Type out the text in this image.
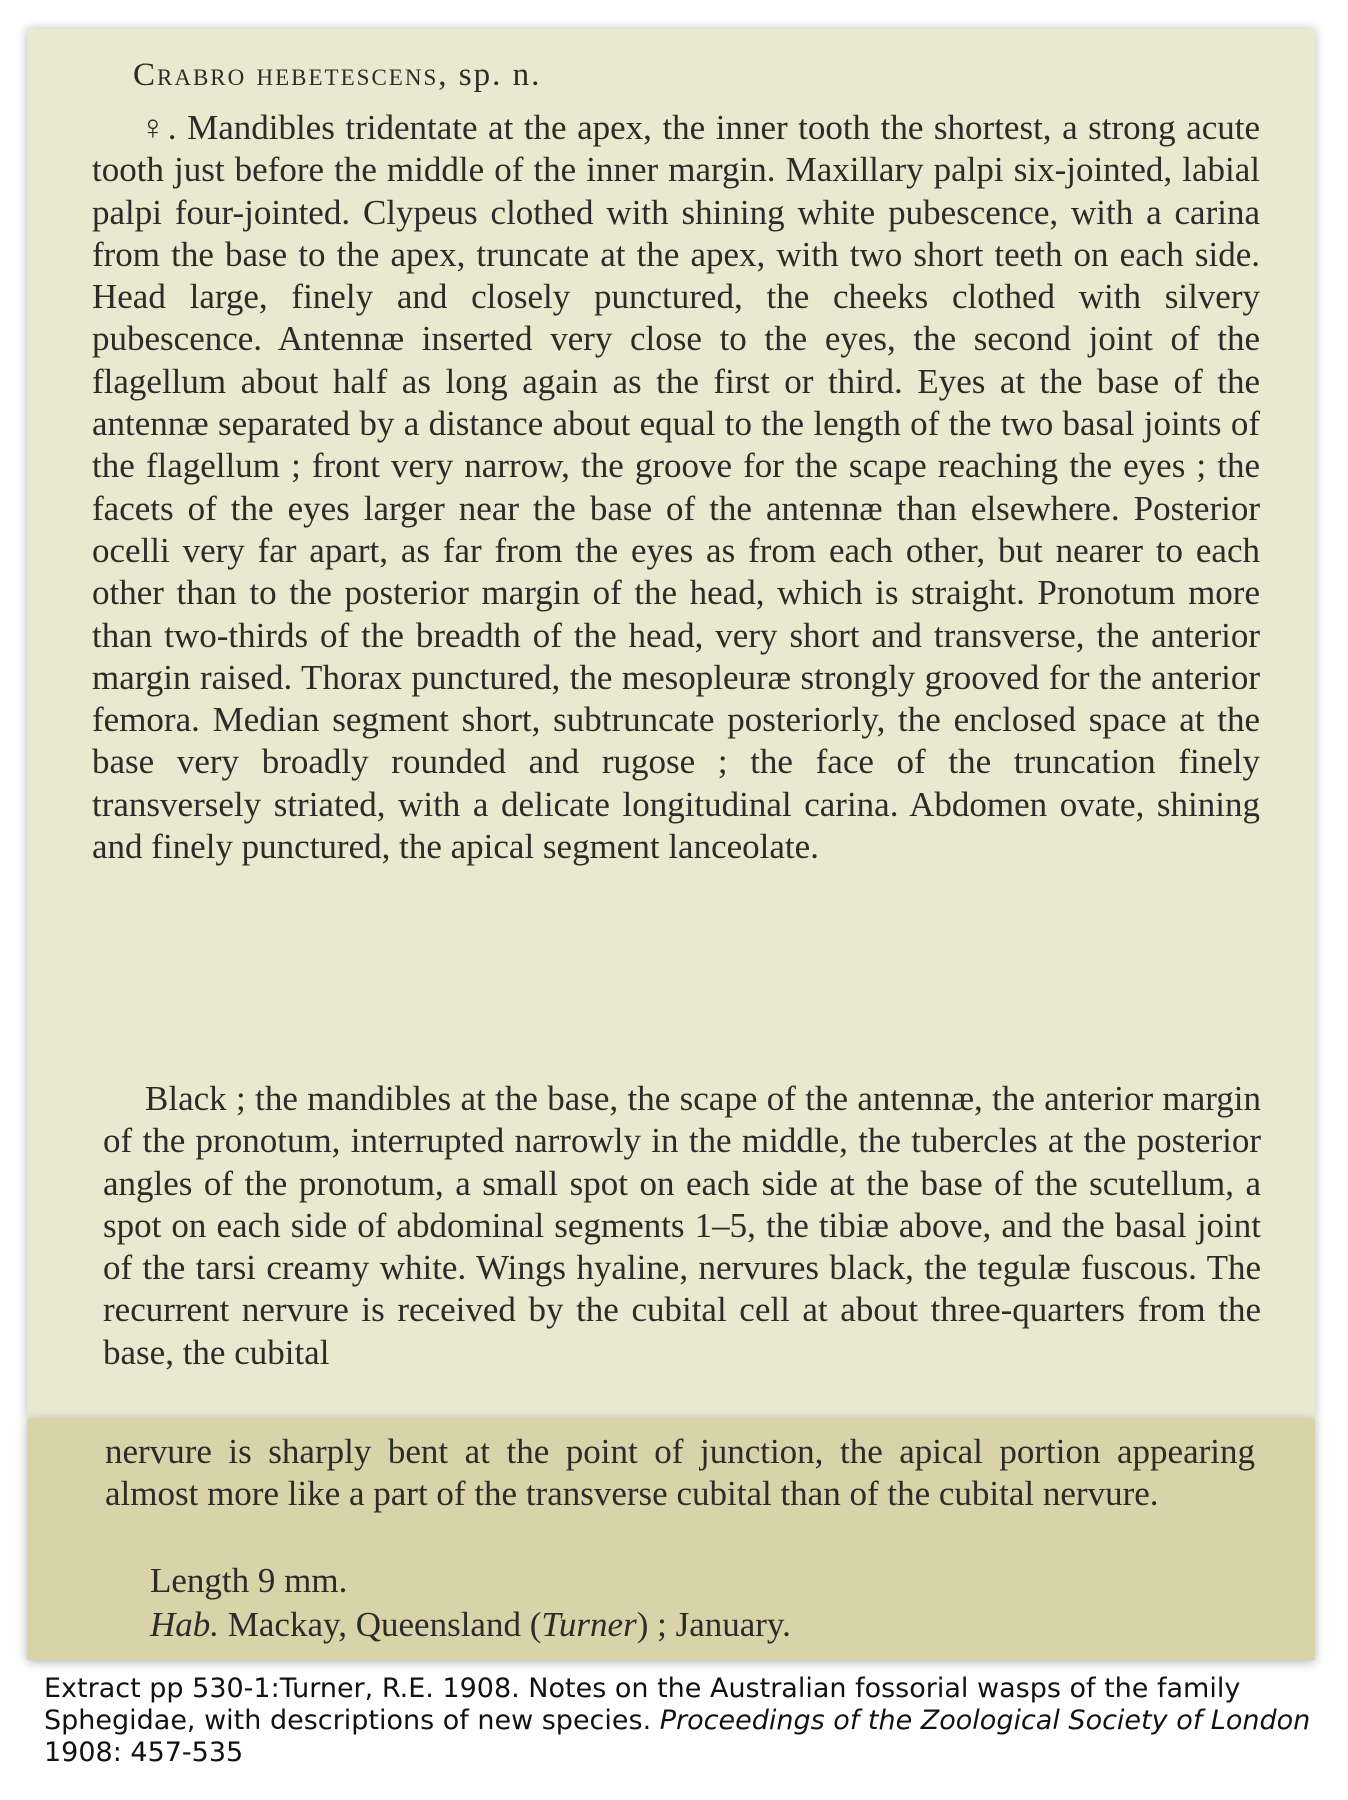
Crabro hebetescens, sp. n.

♀. Mandibles tridentate at the apex, the inner tooth the shortest, a strong acute tooth just before the middle of the inner margin. Maxillary palpi six-jointed, labial palpi four-jointed. Clypeus clothed with shining white pubescence, with a carina from the base to the apex, truncate at the apex, with two short teeth on each side. Head large, finely and closely punctured, the cheeks clothed with silvery pubescence. Antennæ inserted very close to the eyes, the second joint of the flagellum about half as long again as the first or third. Eyes at the base of the antennæ separated by a distance about equal to the length of the two basal joints of the flagellum ; front very narrow, the groove for the scape reaching the eyes ; the facets of the eyes larger near the base of the antennæ than elsewhere. Posterior ocelli very far apart, as far from the eyes as from each other, but nearer to each other than to the posterior margin of the head, which is straight. Pronotum more than two-thirds of the breadth of the head, very short and transverse, the anterior margin raised. Thorax punctured, the mesopleuræ strongly grooved for the anterior femora. Median segment short, subtruncate posteriorly, the enclosed space at the base very broadly rounded and rugose ; the face of the truncation finely transversely striated, with a delicate longitudinal carina. Abdomen ovate, shining and finely punctured, the apical segment lanceolate.

Black ; the mandibles at the base, the scape of the antennæ, the anterior margin of the pronotum, interrupted narrowly in the middle, the tubercles at the posterior angles of the pronotum, a small spot on each side at the base of the scutellum, a spot on each side of abdominal segments 1–5, the tibiæ above, and the basal joint of the tarsi creamy white. Wings hyaline, nervures black, the tegulæ fuscous. The recurrent nervure is received by the cubital cell at about three-quarters from the base, the cubital

nervure is sharply bent at the point of junction, the apical portion appearing almost more like a part of the transverse cubital than of the cubital nervure.

Length 9 mm.
Hab. Mackay, Queensland (Turner) ; January.

Extract pp 530-1:Turner, R.E. 1908. Notes on the Australian fossorial wasps of the family Sphegidae, with descriptions of new species. Proceedings of the Zoological Society of London 1908: 457-535
